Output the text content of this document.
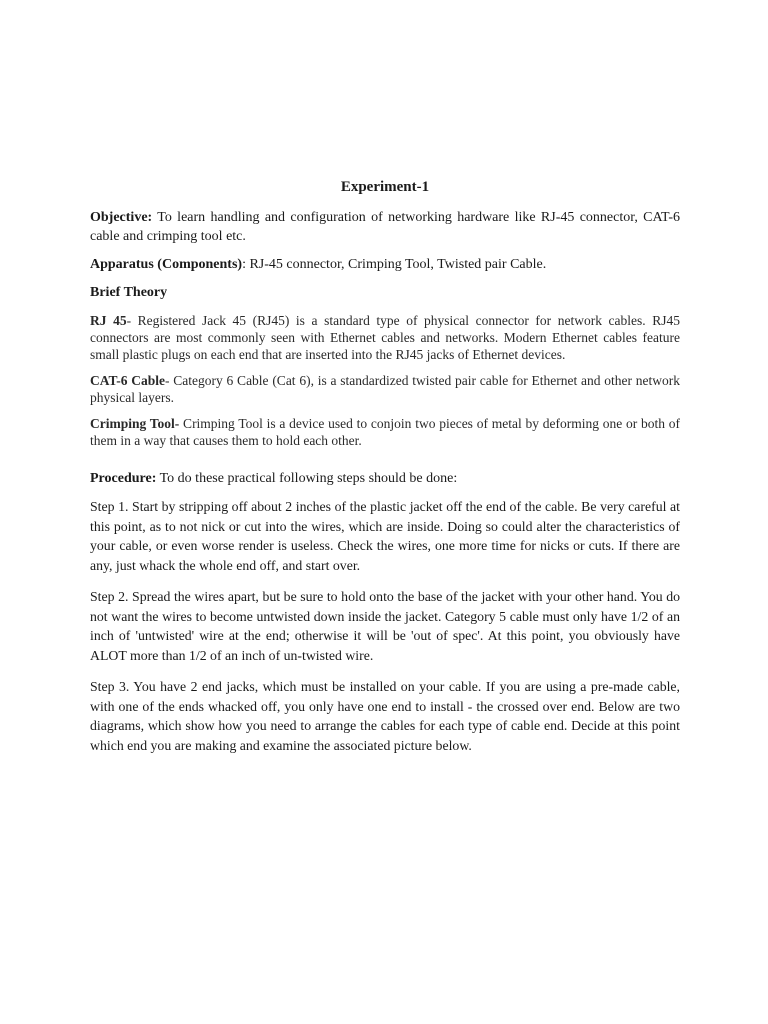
Experiment-1

Objective: To learn handling and configuration of networking hardware like RJ-45 connector, CAT-6 cable and crimping tool etc.

Apparatus (Components): RJ-45 connector, Crimping Tool, Twisted pair Cable.

Brief Theory

RJ 45- Registered Jack 45 (RJ45) is a standard type of physical connector for network cables. RJ45 connectors are most commonly seen with Ethernet cables and networks. Modern Ethernet cables feature small plastic plugs on each end that are inserted into the RJ45 jacks of Ethernet devices.

CAT-6 Cable- Category 6 Cable (Cat 6), is a standardized twisted pair cable for Ethernet and other network physical layers.

Crimping Tool- Crimping Tool is a device used to conjoin two pieces of metal by deforming one or both of them in a way that causes them to hold each other.

Procedure: To do these practical following steps should be done:

Step 1. Start by stripping off about 2 inches of the plastic jacket off the end of the cable. Be very careful at this point, as to not nick or cut into the wires, which are inside. Doing so could alter the characteristics of your cable, or even worse render is useless. Check the wires, one more time for nicks or cuts. If there are any, just whack the whole end off, and start over.

Step 2. Spread the wires apart, but be sure to hold onto the base of the jacket with your other hand. You do not want the wires to become untwisted down inside the jacket. Category 5 cable must only have 1/2 of an inch of 'untwisted' wire at the end; otherwise it will be 'out of spec'. At this point, you obviously have ALOT more than 1/2 of an inch of un-twisted wire.

Step 3. You have 2 end jacks, which must be installed on your cable. If you are using a pre-made cable, with one of the ends whacked off, you only have one end to install - the crossed over end. Below are two diagrams, which show how you need to arrange the cables for each type of cable end. Decide at this point which end you are making and examine the associated picture below.
